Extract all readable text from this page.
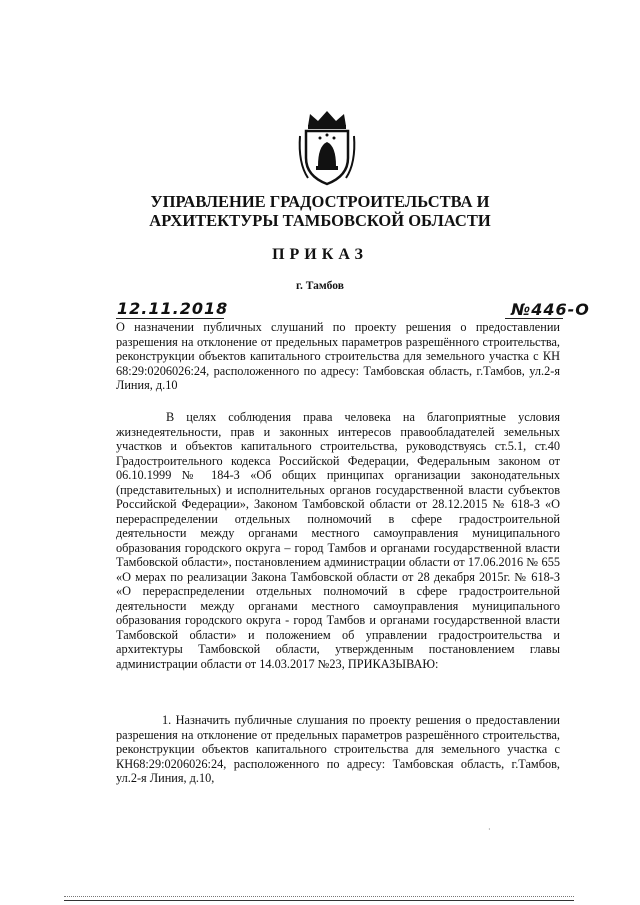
УПРАВЛЕНИЕ ГРАДОСТРОИТЕЛЬСТВА И АРХИТЕКТУРЫ ТАМБОВСКОЙ ОБЛАСТИ
ПРИКАЗ
г. Тамбов
12.11.2018	№446-О
О назначении публичных слушаний по проекту решения о предоставлении разрешения на отклонение от предельных параметров разрешённого строительства, реконструкции объектов капитального строительства для земельного участка с КН 68:29:0206026:24, расположенного по адресу: Тамбовская область, г.Тамбов, ул.2-я Линия, д.10
В целях соблюдения права человека на благоприятные условия жизнедеятельности, прав и законных интересов правообладателей земельных участков и объектов капитального строительства, руководствуясь ст.5.1, ст.40 Градостроительного кодекса Российской Федерации, Федеральным законом от 06.10.1999 № 184-З «Об общих принципах организации законодательных (представительных) и исполнительных органов государственной власти субъектов Российской Федерации», Законом Тамбовской области от 28.12.2015 № 618-З «О перераспределении отдельных полномочий в сфере градостроительной деятельности между органами местного самоуправления муниципального образования городского округа – город Тамбов и органами государственной власти Тамбовской области», постановлением администрации области от 17.06.2016 № 655 «О мерах по реализации Закона Тамбовской области от 28 декабря 2015г. № 618-З «О перераспределении отдельных полномочий в сфере градостроительной деятельности между органами местного самоуправления муниципального образования городского округа - город Тамбов и органами государственной власти Тамбовской области» и положением об управлении градостроительства и архитектуры Тамбовской области, утвержденным постановлением главы администрации области от 14.03.2017 №23, ПРИКАЗЫВАЮ:
1. Назначить публичные слушания по проекту решения о предоставлении разрешения на отклонение от предельных параметров разрешённого строительства, реконструкции объектов капитального строительства для земельного участка с КН68:29:0206026:24, расположенного по адресу: Тамбовская область, г.Тамбов, ул.2-я Линия, д.10,
·
